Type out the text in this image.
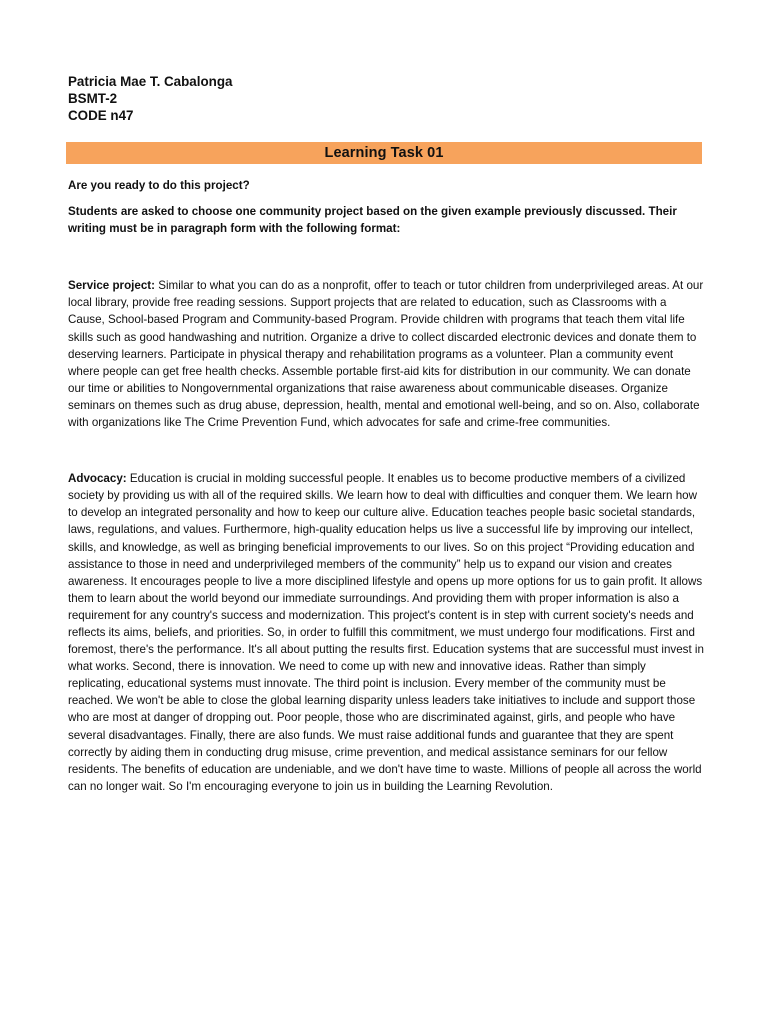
Patricia Mae T. Cabalonga
BSMT-2
CODE n47
Learning Task 01

Are you ready to do this project?

Students are asked to choose one community project based on the given example previously discussed. Their writing must be in paragraph form with the following format:

Service project: Similar to what you can do as a nonprofit, offer to teach or tutor children from underprivileged areas. At our local library, provide free reading sessions. Support projects that are related to education, such as Classrooms with a Cause, School-based Program and Community-based Program. Provide children with programs that teach them vital life skills such as good handwashing and nutrition. Organize a drive to collect discarded electronic devices and donate them to deserving learners. Participate in physical therapy and rehabilitation programs as a volunteer. Plan a community event where people can get free health checks. Assemble portable first-aid kits for distribution in our community. We can donate our time or abilities to Nongovernmental organizations that raise awareness about communicable diseases. Organize seminars on themes such as drug abuse, depression, health, mental and emotional well-being, and so on. Also, collaborate with organizations like The Crime Prevention Fund, which advocates for safe and crime-free communities.

Advocacy: Education is crucial in molding successful people. It enables us to become productive members of a civilized society by providing us with all of the required skills. We learn how to deal with difficulties and conquer them. We learn how to develop an integrated personality and how to keep our culture alive. Education teaches people basic societal standards, laws, regulations, and values. Furthermore, high-quality education helps us live a successful life by improving our intellect, skills, and knowledge, as well as bringing beneficial improvements to our lives. So on this project “Providing education and assistance to those in need and underprivileged members of the community” help us to expand our vision and creates awareness. It encourages people to live a more disciplined lifestyle and opens up more options for us to gain profit. It allows them to learn about the world beyond our immediate surroundings. And providing them with proper information is also a requirement for any country's success and modernization. This project's content is in step with current society's needs and reflects its aims, beliefs, and priorities. So, in order to fulfill this commitment, we must undergo four modifications. First and foremost, there's the performance. It's all about putting the results first. Education systems that are successful must invest in what works. Second, there is innovation. We need to come up with new and innovative ideas. Rather than simply replicating, educational systems must innovate. The third point is inclusion. Every member of the community must be reached. We won't be able to close the global learning disparity unless leaders take initiatives to include and support those who are most at danger of dropping out. Poor people, those who are discriminated against, girls, and people who have several disadvantages. Finally, there are also funds. We must raise additional funds and guarantee that they are spent correctly by aiding them in conducting drug misuse, crime prevention, and medical assistance seminars for our fellow residents. The benefits of education are undeniable, and we don't have time to waste. Millions of people all across the world can no longer wait. So I'm encouraging everyone to join us in building the Learning Revolution.
